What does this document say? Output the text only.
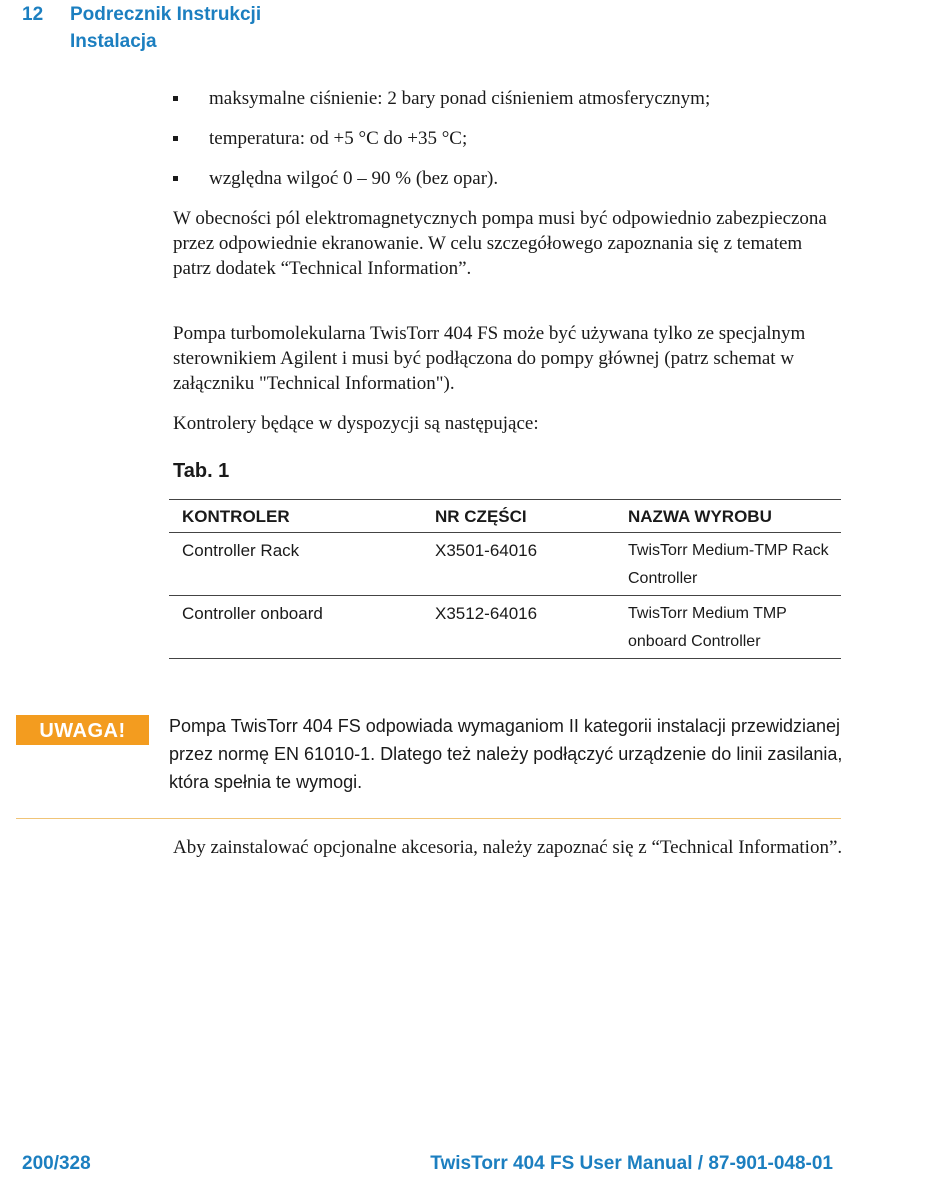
12 Podrecznik Instrukcji
Instalacja
maksymalne ciśnienie: 2 bary ponad ciśnieniem atmosferycznym;
temperatura: od +5 °C do +35 °C;
względna wilgoć 0 – 90 % (bez opar).

W obecności pól elektromagnetycznych pompa musi być odpowiednio zabezpieczona przez odpowiednie ekranowanie. W celu szczegółowego zapoznania się z tematem patrz dodatek “Technical Information”.

Pompa turbomolekularna TwisTorr 404 FS może być używana tylko ze specjalnym sterownikiem Agilent i musi być podłączona do pompy głównej (patrz schemat w załączniku "Technical Information").

Kontrolery będące w dyspozycji są następujące:

Tab. 1
KONTROLER	NR CZĘŚCI	NAZWA WYROBU
Controller Rack	X3501-64016	TwisTorr Medium-TMP Rack Controller
Controller onboard	X3512-64016	TwisTorr Medium TMP onboard Controller
UWAGA!	Pompa TwisTorr 404 FS odpowiada wymaganiom II kategorii instalacji przewidzianej przez normę EN 61010-1. Dlatego też należy podłączyć urządzenie do linii zasilania, która spełnia te wymogi.

Aby zainstalować opcjonalne akcesoria, należy zapoznać się z “Technical Information”.

200/328	TwisTorr 404 FS User Manual / 87-901-048-01
